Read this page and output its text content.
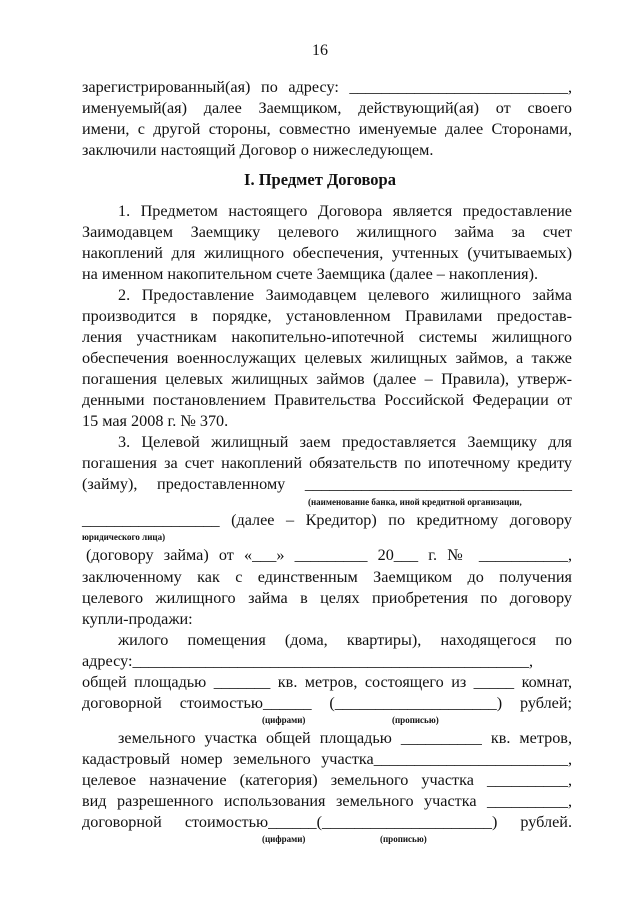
16
зарегистрированный(ая) по адресу: ___________________________,
именуемый(ая) далее Заемщиком, действующий(ая) от своего
имени, с другой стороны, совместно именуемые далее Сторонами,
заключили настоящий Договор о нижеследующем.
I. Предмет Договора
1. Предметом настоящего Договора является предоставление
Заимодавцем Заемщику целевого жилищного займа за счет
накоплений для жилищного обеспечения, учтенных (учитываемых)
на именном накопительном счете Заемщика (далее – накопления).
2. Предоставление Заимодавцем целевого жилищного займа
производится в порядке, установленном Правилами предостав-
ления участникам накопительно-ипотечной системы жилищного
обеспечения военнослужащих целевых жилищных займов, а также
погашения целевых жилищных займов (далее – Правила), утверж-
денными постановлением Правительства Российской Федерации от
15 мая 2008 г. № 370.
3. Целевой жилищный заем предоставляется Заемщику для
погашения за счет накоплений обязательств по ипотечному кредиту
(займу), предоставленному _________________________________
(наименование банка, иной кредитной организации,
_________________ (далее – Кредитор) по кредитному договору
юридического лица)
(договору займа) от «___» _________ 20___ г. № ___________,
заключенному как с единственным Заемщиком до получения
целевого жилищного займа в целях приобретения по договору
купли-продажи:
жилого помещения (дома, квартиры), находящегося по
адресу:_________________________________________________,
общей площадью _______ кв. метров, состоящего из _____ комнат,
договорной стоимостью______ (____________________) рублей;
(цифрами)	(прописью)
земельного участка общей площадью __________ кв. метров,
кадастровый номер земельного участка________________________,
целевое назначение (категория) земельного участка __________,
вид разрешенного использования земельного участка __________,
договорной стоимостью______(_____________________) рублей.
(цифрами)	(прописью)
